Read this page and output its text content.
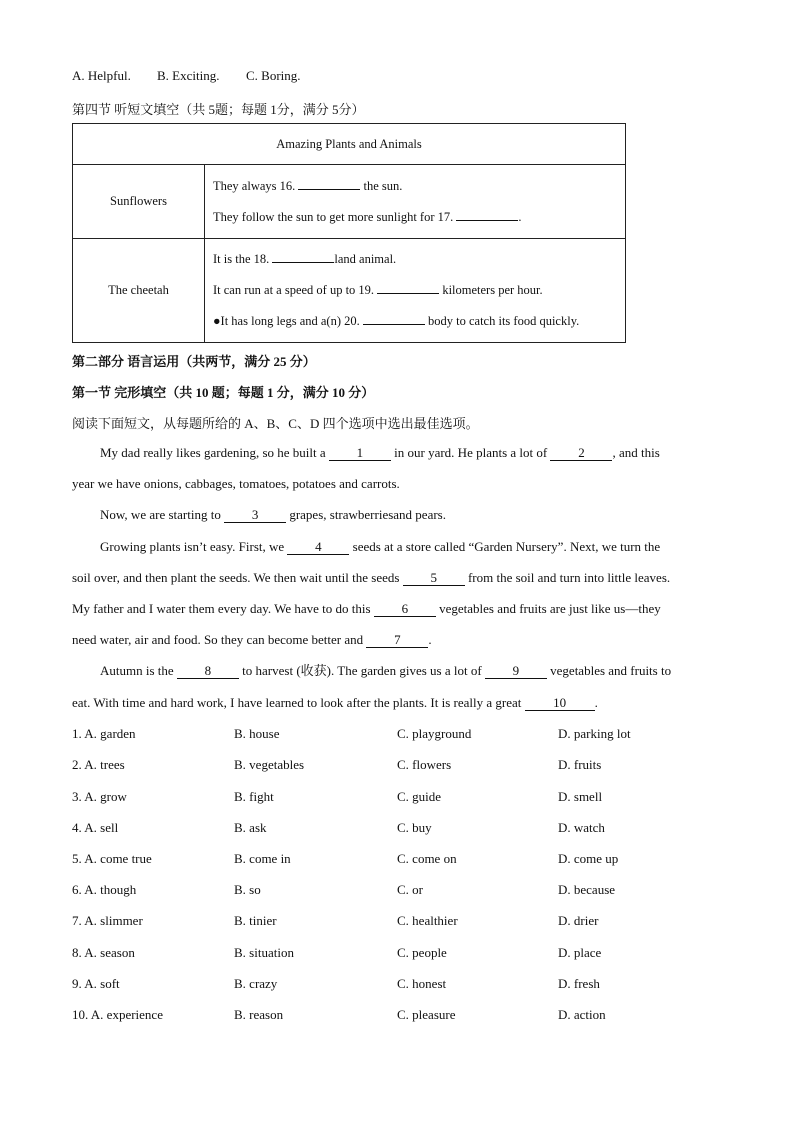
A. Helpful. B. Exciting. C. Boring.
第四节 听短文填空（共 5题；每题 1分，满分 5分）
Amazing Plants and Animals	
Sunflowers	They always 16. the sun.
They follow the sun to get more sunlight for 17. .

The cheetah	It is the 18. land animal.
It can run at a speed of up to 19. kilometers per hour.
●It has long legs and a(n) 20. body to catch its food quickly.
第二部分 语言运用（共两节，满分 25 分）
第一节 完形填空（共 10 题；每题 1 分，满分 10 分）
阅读下面短文，从每题所给的 A、B、C、D 四个选项中选出最佳选项。
My dad really likes gardening, so he built a 1 in our yard. He plants a lot of 2 , and this
year we have onions, cabbages, tomatoes, potatoes and carrots.
Now, we are starting to 3 grapes, strawberriesand pears.
Growing plants isn’t easy. First, we 4 seeds at a store called “Garden Nursery”. Next, we turn the
soil over, and then plant the seeds. We then wait until the seeds 5 from the soil and turn into little leaves.
My father and I water them every day. We have to do this 6 vegetables and fruits are just like us—they
need water, air and food. So they can become better and 7 .
Autumn is the 8 to harvest (收获). The garden gives us a lot of 9 vegetables and fruits to
eat. With time and hard work, I have learned to look after the plants. It is really a great 10 .
1. A. garden	B. house	C. playground	D. parking lot
2. A. trees	B. vegetables	C. flowers	D. fruits
3. A. grow	B. fight	C. guide	D. smell
4. A. sell	B. ask	C. buy	D. watch
5. A. come true	B. come in	C. come on	D. come up
6. A. though	B. so	C. or	D. because
7. A. slimmer	B. tinier	C. healthier	D. drier
8. A. season	B. situation	C. people	D. place
9. A. soft	B. crazy	C. honest	D. fresh
10. A. experience	B. reason	C. pleasure	D. action
